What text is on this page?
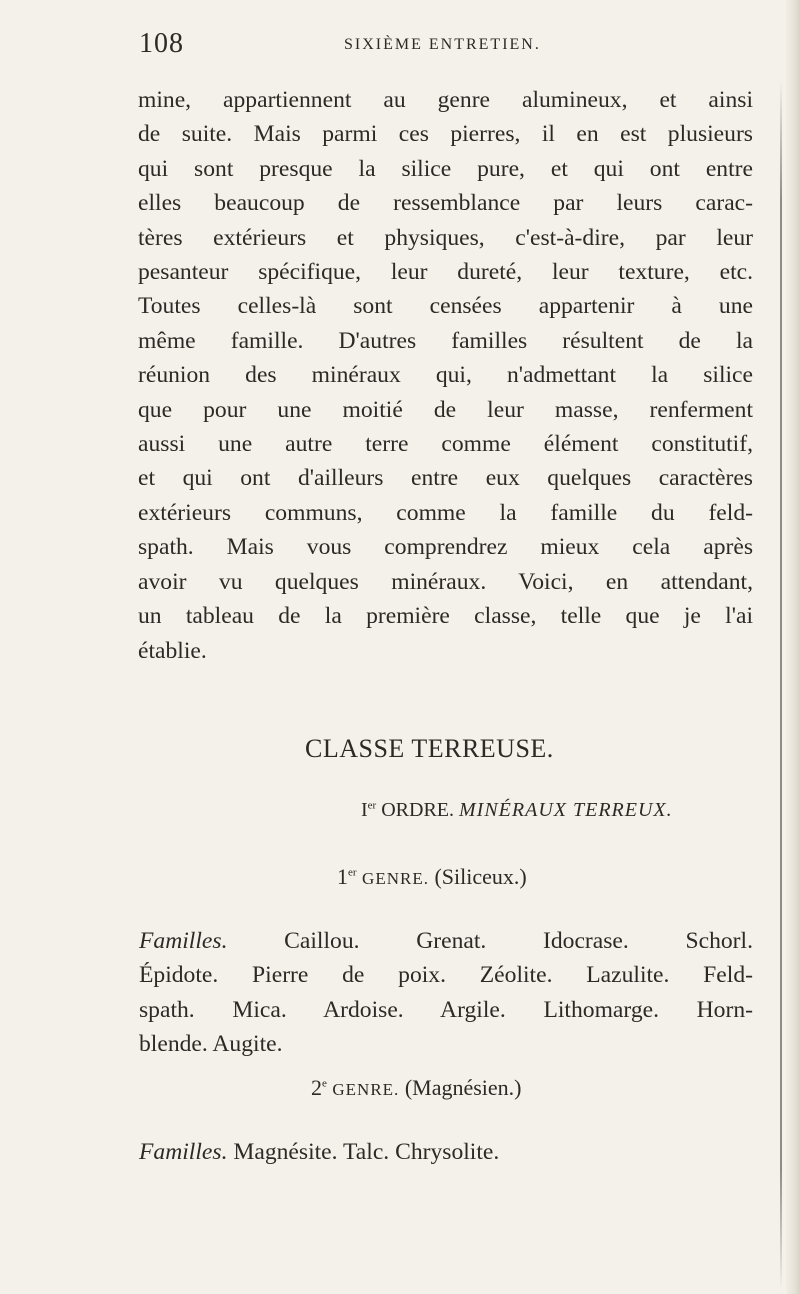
108	SIXIÈME ENTRETIEN.

mine, appartiennent au genre alumineux, et ainsi
de suite. Mais parmi ces pierres, il en est plusieurs
qui sont presque la silice pure, et qui ont entre
elles beaucoup de ressemblance par leurs carac-
tères extérieurs et physiques, c'est-à-dire, par leur
pesanteur spécifique, leur dureté, leur texture, etc.
Toutes celles-là sont censées appartenir à une
même famille. D'autres familles résultent de la
réunion des minéraux qui, n'admettant la silice
que pour une moitié de leur masse, renferment
aussi une autre terre comme élément constitutif,
et qui ont d'ailleurs entre eux quelques caractères
extérieurs communs, comme la famille du feld-
spath. Mais vous comprendrez mieux cela après
avoir vu quelques minéraux. Voici, en attendant,
un tableau de la première classe, telle que je l'ai
établie.

CLASSE TERREUSE.

Ier ORDRE. MINÉRAUX TERREUX.

1er GENRE. (Siliceux.)

Familles. Caillou. Grenat. Idocrase. Schorl.
Épidote. Pierre de poix. Zéolite. Lazulite. Feld-
spath. Mica. Ardoise. Argile. Lithomarge. Horn-
blende. Augite.

2e GENRE. (Magnésien.)

Familles. Magnésite. Talc. Chrysolite.
